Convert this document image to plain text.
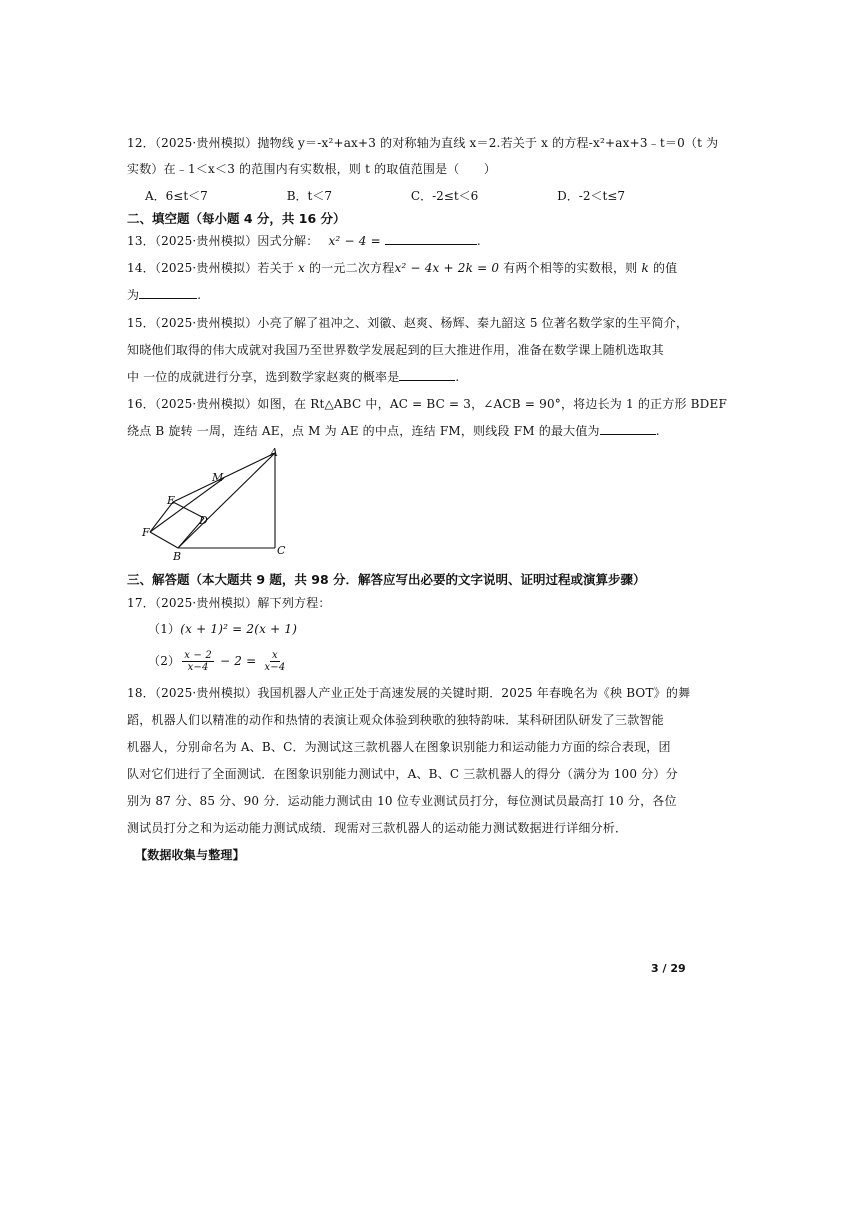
12．（2025·贵州模拟）抛物线 y＝-x²+ax+3 的对称轴为直线 x＝2.若关于 x 的方程-x²+ax+3﹣t＝0（t 为
实数）在﹣1＜x＜3 的范围内有实数根，则 t 的取值范围是（　　）
A．6≤t＜7	B．t＜7	C．-2≤t＜6	D．-2＜t≤7
二、填空题（每小题 4 分，共 16 分）
13．（2025·贵州模拟）因式分解： x² − 4 =	.
14．（2025·贵州模拟）若关于 x 的一元二次方程x² − 4x + 2k = 0 有两个相等的实数根，则 k 的值
为	.
15．（2025·贵州模拟）小亮了解了祖冲之、刘徽、赵爽、杨辉、秦九韶这 5 位著名数学家的生平简介，
知晓他们取得的伟大成就对我国乃至世界数学发展起到的巨大推进作用，准备在数学课上随机选取其
中 一位的成就进行分享，选到数学家赵爽的概率是	.
16．（2025·贵州模拟）如图，在 Rt△ABC 中，AC = BC = 3，∠ACB = 90°，将边长为 1 的正方形 BDEF
绕点 B 旋转 一周，连结 AE，点 M 为 AE 的中点，连结 FM，则线段 FM 的最大值为	.
A
M
E
D
F
B	C
三、解答题（本大题共 9 题，共 98 分．解答应写出必要的文字说明、证明过程或演算步骤）
17．（2025·贵州模拟）解下列方程：
（1）(x + 1)² = 2(x + 1)
$(2) \frac{x - 2}{x-4} - 2 = \frac{x}{x-4}$
18．（2025·贵州模拟）我国机器人产业正处于高速发展的关键时期．2025 年春晚名为《秧 BOT》的舞
蹈，机器人们以精准的动作和热情的表演让观众体验到秧歌的独特韵味．某科研团队研发了三款智能
机器人，分别命名为 A、B、C．为测试这三款机器人在图象识别能力和运动能力方面的综合表现，团
队对它们进行了全面测试．在图象识别能力测试中，A、B、C 三款机器人的得分（满分为 100 分）分
别为 87 分、85 分、90 分．运动能力测试由 10 位专业测试员打分，每位测试员最高打 10 分，各位
测试员打分之和为运动能力测试成绩．现需对三款机器人的运动能力测试数据进行详细分析．
【数据收集与整理】
3 / 29
